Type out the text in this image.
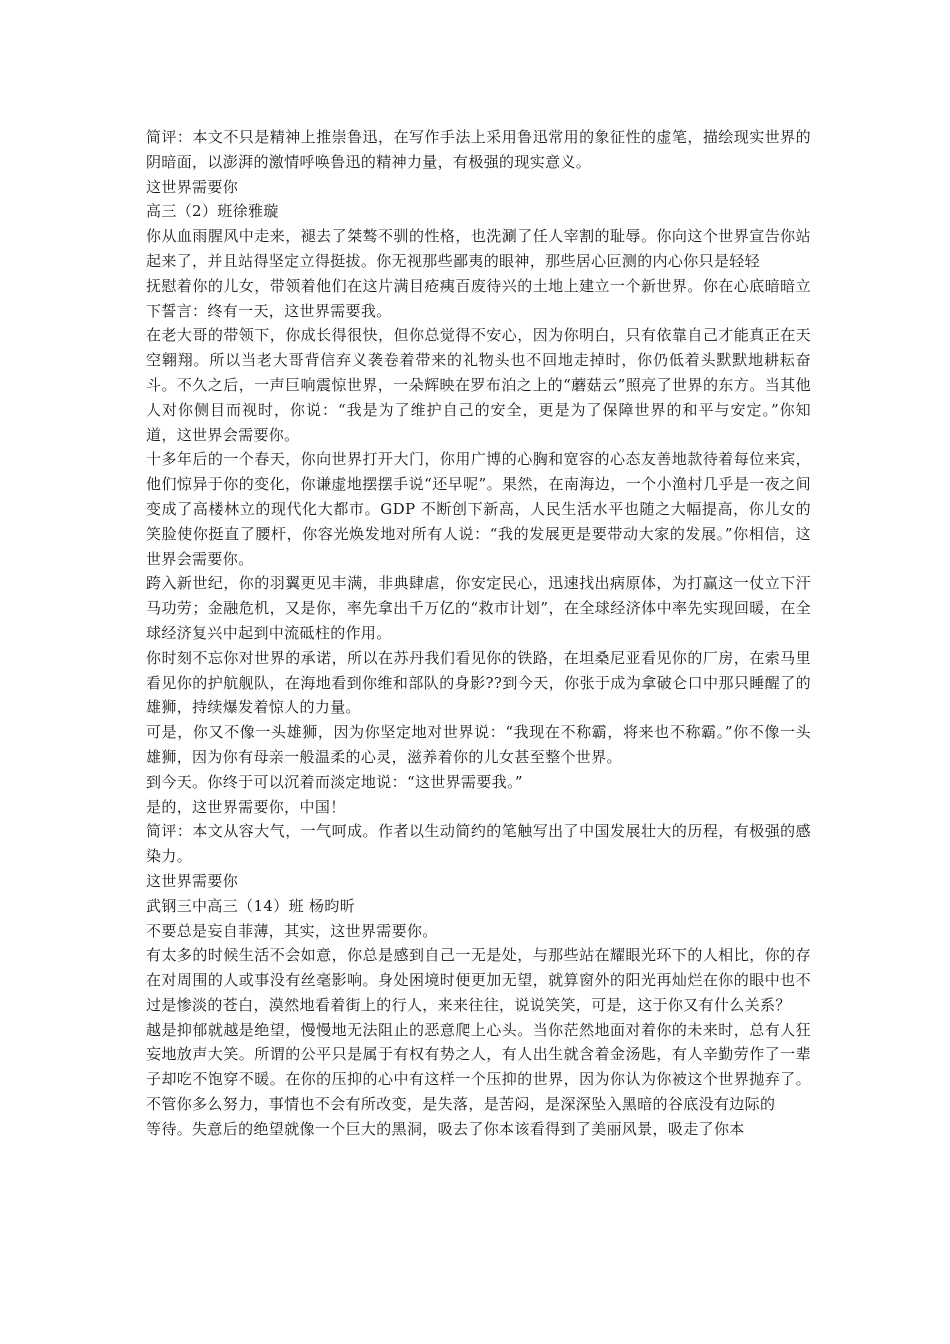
简评：本文不只是精神上推崇鲁迅，在写作手法上采用鲁迅常用的象征性的虚笔，描绘现实世界的阴暗面，以澎湃的激情呼唤鲁迅的精神力量，有极强的现实意义。

这世界需要你

高三（2）班徐雅璇

你从血雨腥风中走来，褪去了桀骜不驯的性格，也洗涮了任人宰割的耻辱。你向这个世界宣告你站起来了，并且站得坚定立得挺拔。你无视那些鄙夷的眼神，那些居心叵测的内心你只是轻轻

抚慰着你的儿女，带领着他们在这片满目疮痍百废待兴的土地上建立一个新世界。你在心底暗暗立下誓言：终有一天，这世界需要我。

在老大哥的带领下，你成长得很快，但你总觉得不安心，因为你明白，只有依靠自己才能真正在天空翱翔。所以当老大哥背信弃义袭卷着带来的礼物头也不回地走掉时，你仍低着头默默地耕耘奋斗。不久之后，一声巨响震惊世界，一朵辉映在罗布泊之上的“蘑菇云”照亮了世界的东方。当其他人对你侧目而视时，你说：“我是为了维护自己的安全，更是为了保障世界的和平与安定。”你知道，这世界会需要你。

十多年后的一个春天，你向世界打开大门，你用广博的心胸和宽容的心态友善地款待着每位来宾，他们惊异于你的变化，你谦虚地摆摆手说“还早呢”。果然，在南海边，一个小渔村几乎是一夜之间变成了高楼林立的现代化大都市。GDP 不断创下新高，人民生活水平也随之大幅提高，你儿女的笑脸使你挺直了腰杆，你容光焕发地对所有人说：“我的发展更是要带动大家的发展。”你相信，这世界会需要你。

跨入新世纪，你的羽翼更见丰满，非典肆虐，你安定民心，迅速找出病原体，为打赢这一仗立下汗马功劳；金融危机，又是你，率先拿出千万亿的“救市计划”，在全球经济体中率先实现回暖，在全球经济复兴中起到中流砥柱的作用。

你时刻不忘你对世界的承诺，所以在苏丹我们看见你的铁路，在坦桑尼亚看见你的厂房，在索马里看见你的护航舰队，在海地看到你维和部队的身影??到今天，你张于成为拿破仑口中那只睡醒了的雄狮，持续爆发着惊人的力量。

可是，你又不像一头雄狮，因为你坚定地对世界说：“我现在不称霸，将来也不称霸。”你不像一头雄狮，因为你有母亲一般温柔的心灵，滋养着你的儿女甚至整个世界。

到今天。你终于可以沉着而淡定地说：“这世界需要我。”

是的，这世界需要你，中国！

简评：本文从容大气，一气呵成。作者以生动简约的笔触写出了中国发展壮大的历程，有极强的感染力。

这世界需要你

武钢三中高三（14）班 杨昀昕

不要总是妄自菲薄，其实，这世界需要你。

有太多的时候生活不会如意，你总是感到自己一无是处，与那些站在耀眼光环下的人相比，你的存在对周围的人或事没有丝毫影响。身处困境时便更加无望，就算窗外的阳光再灿烂在你的眼中也不过是惨淡的苍白，漠然地看着街上的行人，来来往往，说说笑笑，可是，这于你又有什么关系？

越是抑郁就越是绝望，慢慢地无法阻止的恶意爬上心头。当你茫然地面对着你的未来时，总有人狂妄地放声大笑。所谓的公平只是属于有权有势之人，有人出生就含着金汤匙，有人辛勤劳作了一辈子却吃不饱穿不暖。在你的压抑的心中有这样一个压抑的世界，因为你认为你被这个世界抛弃了。不管你多么努力，事情也不会有所改变，是失落，是苦闷，是深深坠入黑暗的谷底没有边际的

等待。失意后的绝望就像一个巨大的黑洞，吸去了你本该看得到了美丽风景，吸走了你本
